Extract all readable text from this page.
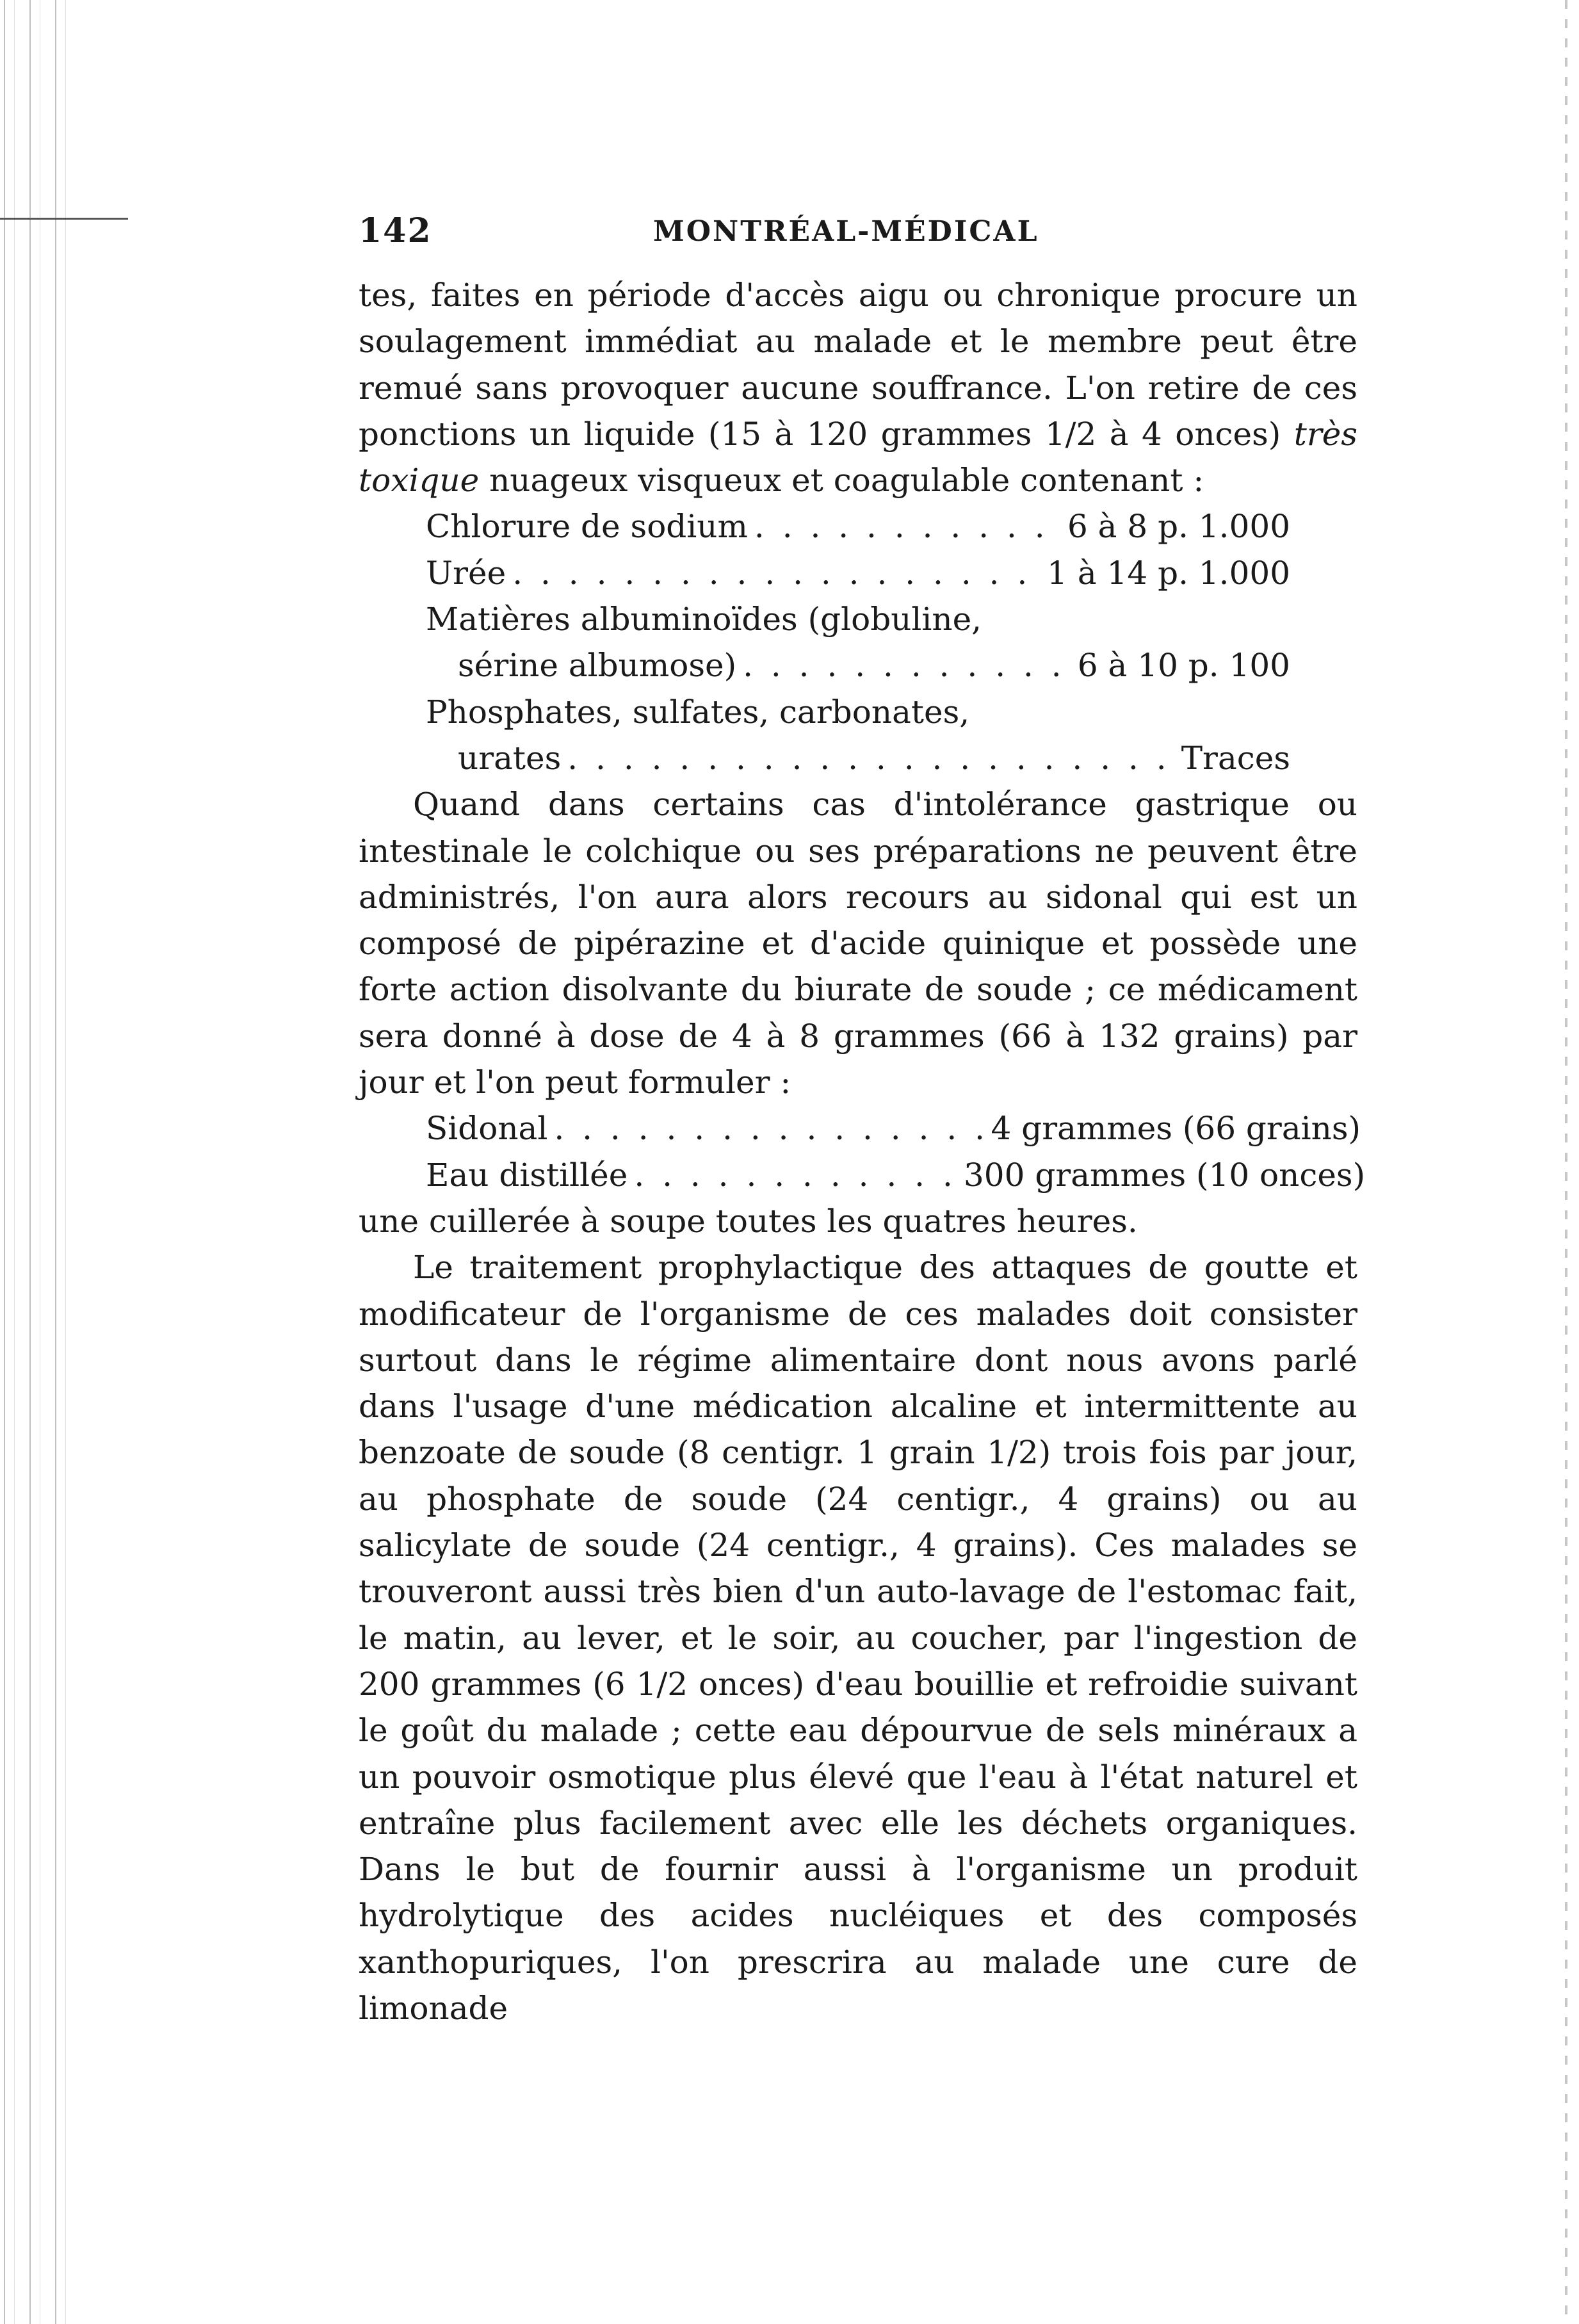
142	MONTRÉAL-MÉDICAL

tes, faites en période d'accès aigu ou chronique procure un soulagement immédiat au malade et le membre peut être remué sans provoquer aucune souffrance. L'on retire de ces ponctions un liquide (15 à 120 grammes 1/2 à 4 onces) très toxique nuageux visqueux et coagulable contenant :

Chlorure de sodium . . .	6 à 8 p. 1.000
Urée . . .	1 à 14 p. 1.000
Matières albuminoïdes (globuline,
sérine albumose) . . .	6 à 10 p. 100
Phosphates, sulfates, carbonates,
urates . . .	Traces

Quand dans certains cas d'intolérance gastrique ou intestinale le colchique ou ses préparations ne peuvent être administrés, l'on aura alors recours au sidonal qui est un composé de pipérazine et d'acide quinique et possède une forte action disolvante du biurate de soude ; ce médicament sera donné à dose de 4 à 8 grammes (66 à 132 grains) par jour et l'on peut formuler :

Sidonal . . .	4 grammes (66 grains)
Eau distillée . . .	300 grammes (10 onces)

une cuillerée à soupe toutes les quatres heures.

Le traitement prophylactique des attaques de goutte et modificateur de l'organisme de ces malades doit consister surtout dans le régime alimentaire dont nous avons parlé dans l'usage d'une médication alcaline et intermittente au benzoate de soude (8 centigr. 1 grain 1/2) trois fois par jour, au phosphate de soude (24 centigr., 4 grains) ou au salicylate de soude (24 centigr., 4 grains). Ces malades se trouveront aussi très bien d'un auto-lavage de l'estomac fait, le matin, au lever, et le soir, au coucher, par l'ingestion de 200 grammes (6 1/2 onces) d'eau bouillie et refroidie suivant le goût du malade ; cette eau dépourvue de sels minéraux a un pouvoir osmotique plus élevé que l'eau à l'état naturel et entraîne plus facilement avec elle les déchets organiques. Dans le but de fournir aussi à l'organisme un produit hydrolytique des acides nucléiques et des composés xanthopuriques, l'on prescrira au malade une cure de limonade
